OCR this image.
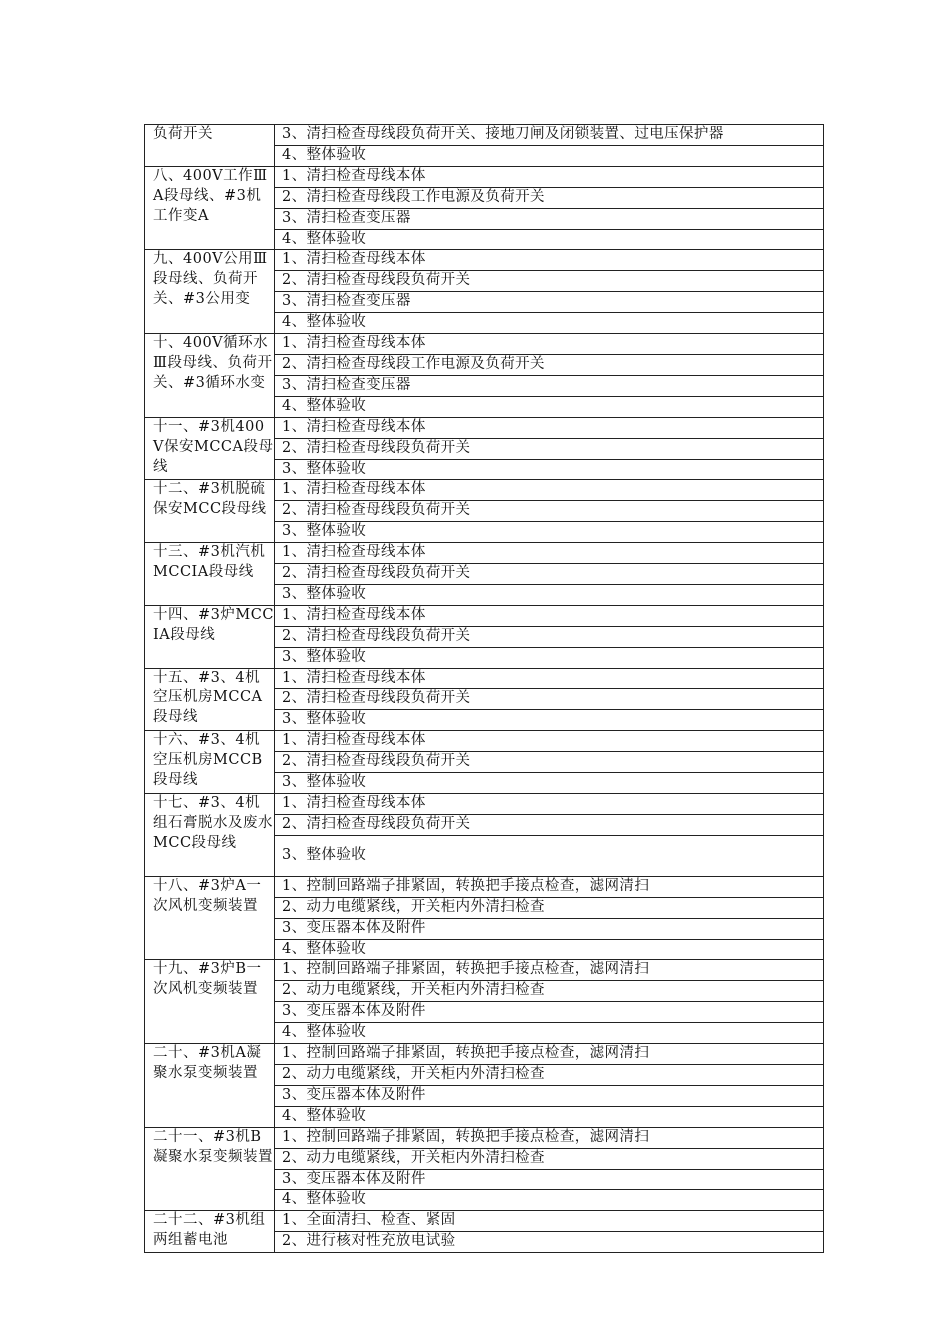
负荷开关	3、清扫检查母线段负荷开关、接地刀闸及闭锁装置、过电压保护器
	4、整体验收
八、400V工作ⅢA段母线、#3机工作变A	1、清扫检查母线本体
	2、清扫检查母线段工作电源及负荷开关
	3、清扫检查变压器
	4、整体验收
九、400V公用Ⅲ段母线、负荷开关、#3公用变	1、清扫检查母线本体
	2、清扫检查母线段负荷开关
	3、清扫检查变压器
	4、整体验收
十、400V循环水Ⅲ段母线、负荷开关、#3循环水变	1、清扫检查母线本体
	2、清扫检查母线段工作电源及负荷开关
	3、清扫检查变压器
	4、整体验收
十一、#3机400V保安MCCA段母线	1、清扫检查母线本体
	2、清扫检查母线段负荷开关
	3、整体验收
十二、#3机脱硫保安MCC段母线	1、清扫检查母线本体
	2、清扫检查母线段负荷开关
	3、整体验收
十三、#3机汽机MCCⅠA段母线	1、清扫检查母线本体
	2、清扫检查母线段负荷开关
	3、整体验收
十四、#3炉MCCIA段母线	1、清扫检查母线本体
	2、清扫检查母线段负荷开关
	3、整体验收
十五、#3、4机空压机房MCCA段母线	1、清扫检查母线本体
	2、清扫检查母线段负荷开关
	3、整体验收
十六、#3、4机空压机房MCCB段母线	1、清扫检查母线本体
	2、清扫检查母线段负荷开关
	3、整体验收
十七、#3、4机组石膏脱水及废水MCC段母线	1、清扫检查母线本体
	2、清扫检查母线段负荷开关
	3、整体验收
十八、#3炉A一次风机变频装置	1、控制回路端子排紧固，转换把手接点检查，滤网清扫
	2、动力电缆紧线，开关柜内外清扫检查
	3、变压器本体及附件
	4、整体验收
十九、#3炉B一次风机变频装置	1、控制回路端子排紧固，转换把手接点检查，滤网清扫
	2、动力电缆紧线，开关柜内外清扫检查
	3、变压器本体及附件
	4、整体验收
二十、#3机A凝聚水泵变频装置	1、控制回路端子排紧固，转换把手接点检查，滤网清扫
	2、动力电缆紧线，开关柜内外清扫检查
	3、变压器本体及附件
	4、整体验收
二十一、#3机B凝聚水泵变频装置	1、控制回路端子排紧固，转换把手接点检查，滤网清扫
	2、动力电缆紧线，开关柜内外清扫检查
	3、变压器本体及附件
	4、整体验收
二十二、#3机组两组蓄电池	1、全面清扫、检查、紧固
	2、进行核对性充放电试验
